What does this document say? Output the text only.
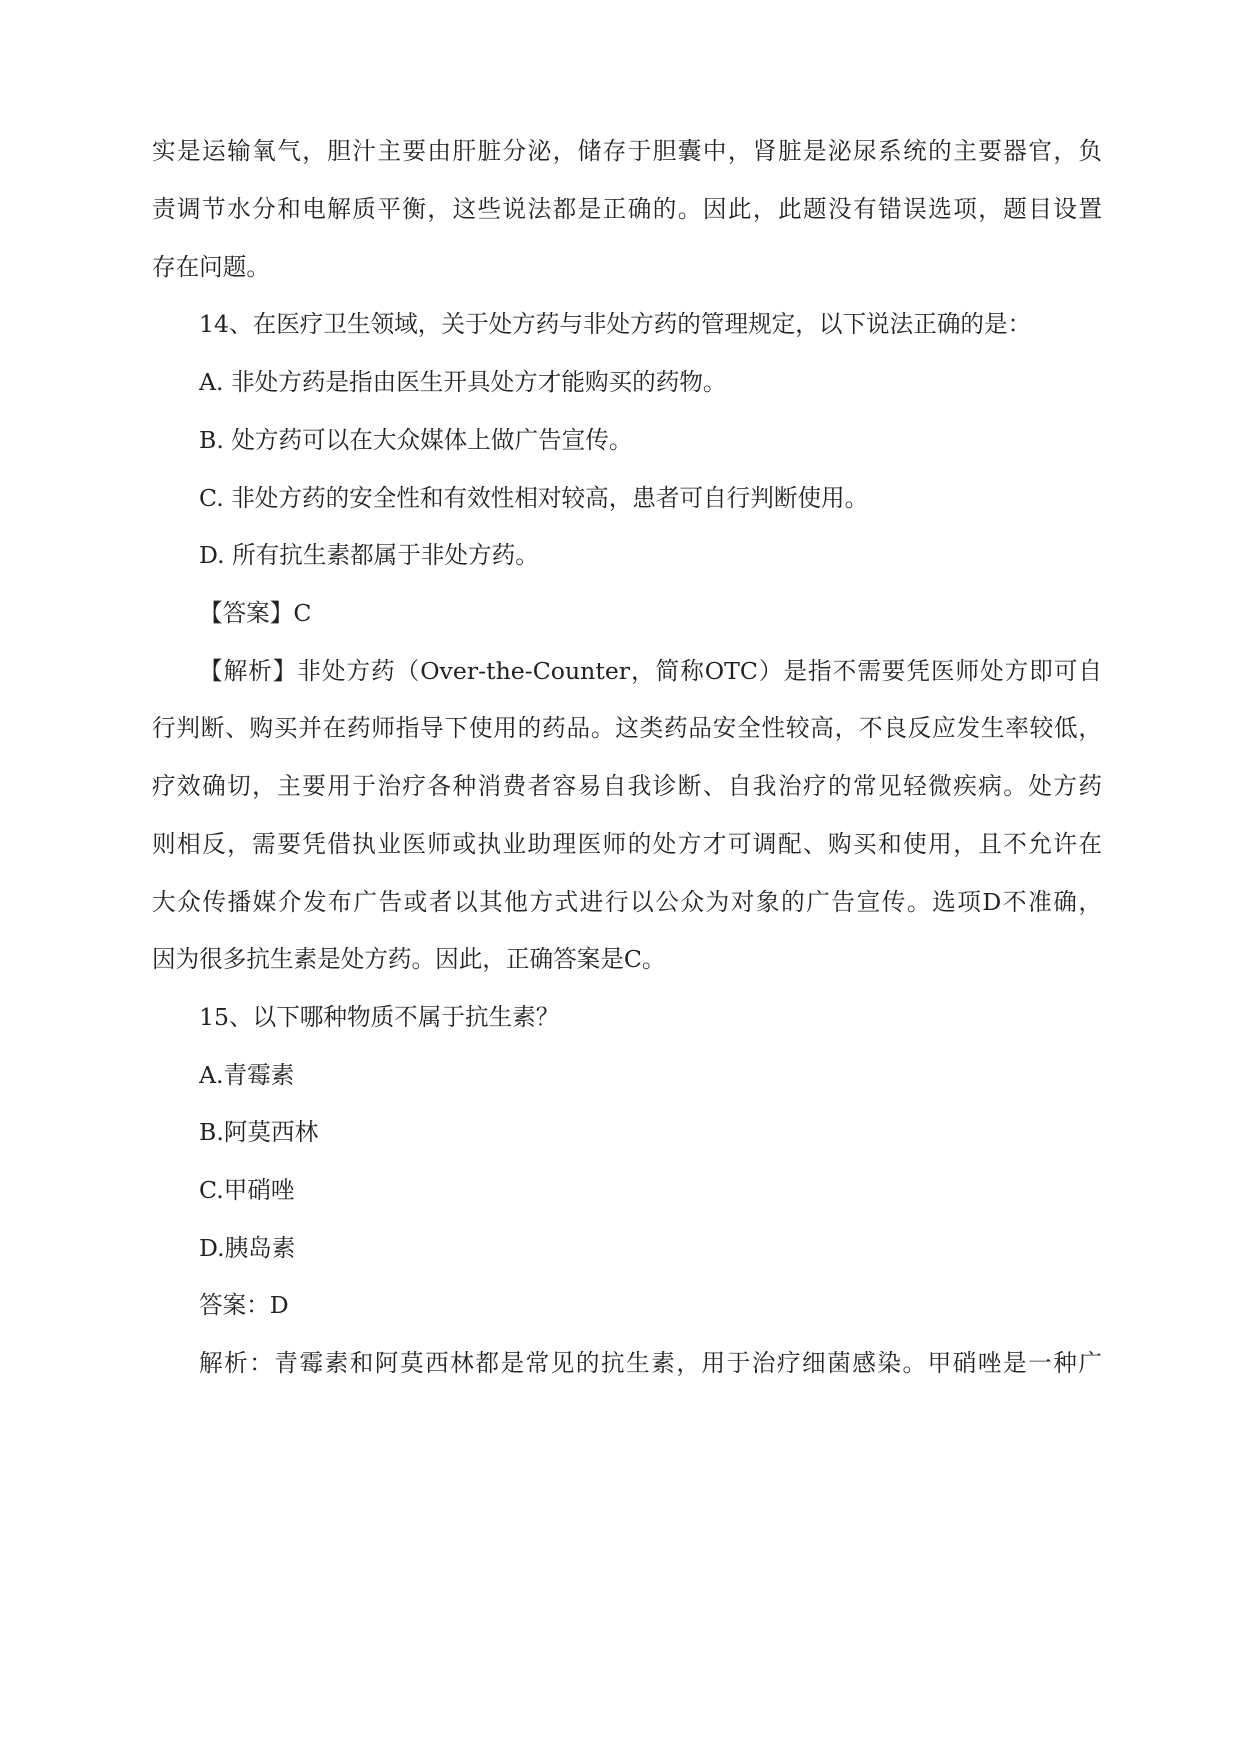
实是运输氧气，胆汁主要由肝脏分泌，储存于胆囊中，肾脏是泌尿系统的主要器官，负
责调节水分和电解质平衡，这些说法都是正确的。因此，此题没有错误选项，题目设置
存在问题。
14、在医疗卫生领域，关于处方药与非处方药的管理规定，以下说法正确的是：
A. 非处方药是指由医生开具处方才能购买的药物。
B. 处方药可以在大众媒体上做广告宣传。
C. 非处方药的安全性和有效性相对较高，患者可自行判断使用。
D. 所有抗生素都属于非处方药。
【答案】C
【解析】非处方药（Over-the-Counter，简称OTC）是指不需要凭医师处方即可自
行判断、购买并在药师指导下使用的药品。这类药品安全性较高，不良反应发生率较低，
疗效确切，主要用于治疗各种消费者容易自我诊断、自我治疗的常见轻微疾病。处方药
则相反，需要凭借执业医师或执业助理医师的处方才可调配、购买和使用，且不允许在
大众传播媒介发布广告或者以其他方式进行以公众为对象的广告宣传。选项D不准确，
因为很多抗生素是处方药。因此，正确答案是C。
15、以下哪种物质不属于抗生素？
A.青霉素
B.阿莫西林
C.甲硝唑
D.胰岛素
答案：D
解析：青霉素和阿莫西林都是常见的抗生素，用于治疗细菌感染。甲硝唑是一种广
